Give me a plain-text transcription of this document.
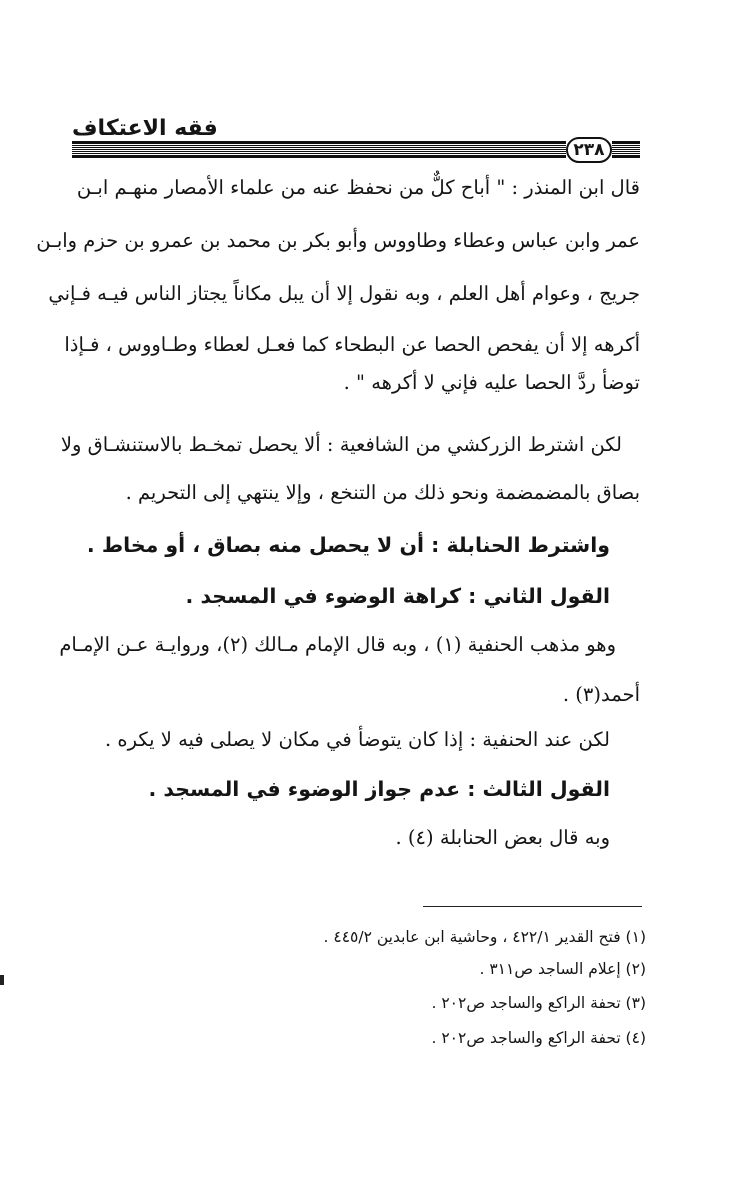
فقه الاعتكاف
٢٣٨
قال ابن المنذر : " أباح كلٌّ من نحفظ عنه من علماء الأمصار منهـم ابـن
عمر وابن عباس وعطاء وطاووس وأبو بكر بن محمد بن عمرو بن حزم وابـن
جريج ، وعوام أهل العلم ، وبه نقول إلا أن يبل مكاناً يجتاز الناس فيـه فـإني
أكرهه إلا أن يفحص الحصا عن البطحاء كما فعـل لعطاء وطـاووس ، فـإذا
توضأ ردَّ الحصا عليه فإني لا أكرهه " .
لكن اشترط الزركشي من الشافعية : ألا يحصل تمخـط بالاستنشـاق ولا
بصاق بالمضمضمة ونحو ذلك من التنخع ، وإلا ينتهي إلى التحريم .
واشترط الحنابلة : أن لا يحصل منه بصاق ، أو مخاط .
القول الثاني : كراهة الوضوء في المسجد .
وهو مذهب الحنفية (١) ، وبه قال الإمام مـالك (٢)، وروايـة عـن الإمـام
أحمد(٣) .
لكن عند الحنفية : إذا كان يتوضأ في مكان لا يصلى فيه لا يكره .
القول الثالث : عدم جواز الوضوء في المسجد .
وبه قال بعض الحنابلة (٤) .
(١) فتح القدير ٤٢٢/١ ، وحاشية ابن عابدين ٤٤٥/٢ .
(٢) إعلام الساجد ص٣١١ .
(٣) تحفة الراكع والساجد ص٢٠٢ .
(٤) تحفة الراكع والساجد ص٢٠٢ .
